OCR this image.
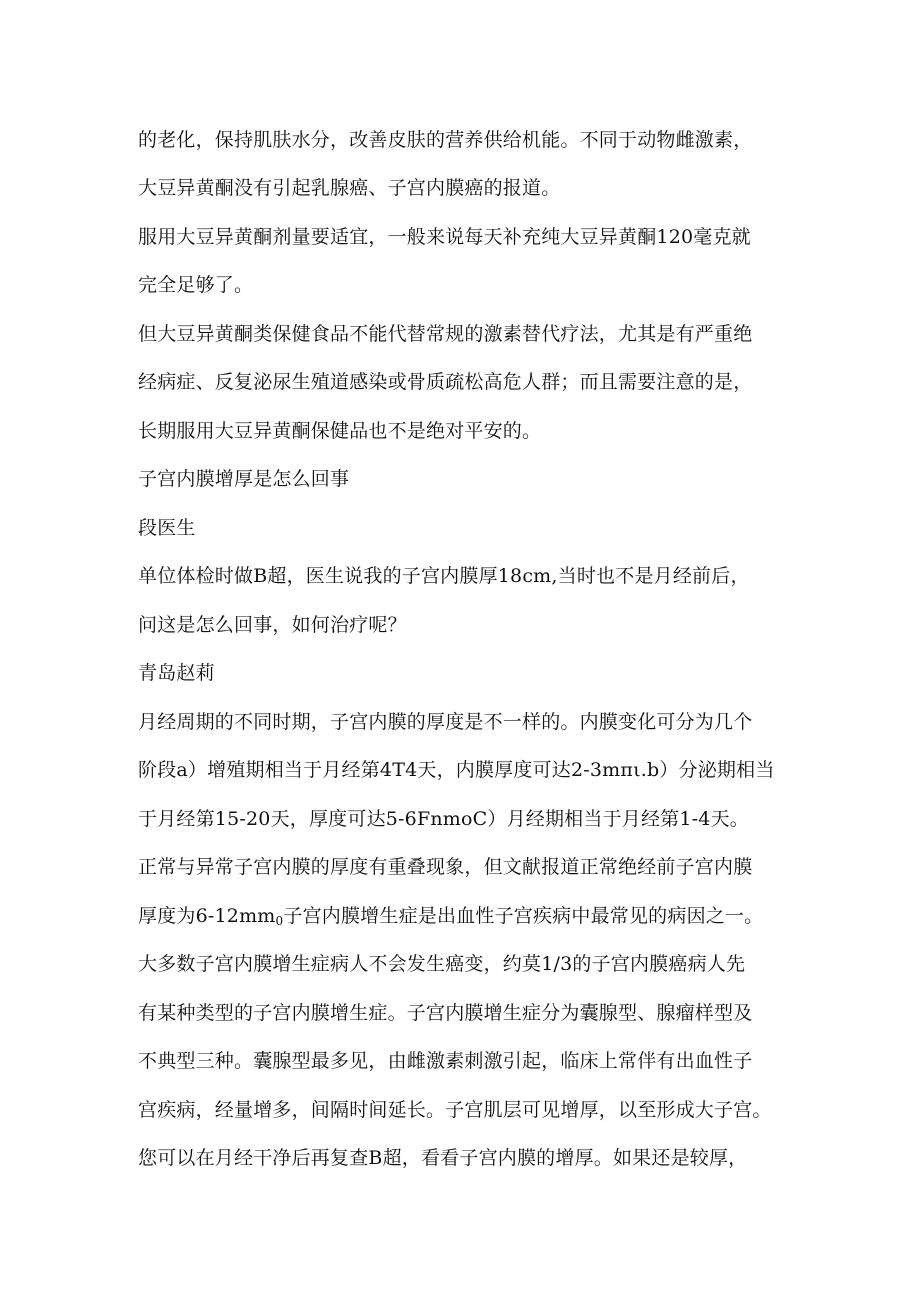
的老化，保持肌肤水分，改善皮肤的营养供给机能。不同于动物雌激素，

大豆异黄酮没有引起乳腺癌、子宫内膜癌的报道。

服用大豆异黄酮剂量要适宜，一般来说每天补充纯大豆异黄酮120毫克就

完全足够了。

但大豆异黄酮类保健食品不能代替常规的激素替代疗法，尤其是有严重绝

经病症、反复泌尿生殖道感染或骨质疏松高危人群；而且需要注意的是，

长期服用大豆异黄酮保健品也不是绝对平安的。

子宫内膜增厚是怎么回事

段医生

单位体检时做B超，医生说我的子宫内膜厚18cm,当时也不是月经前后，

问这是怎么回事，如何治疗呢？

青岛赵莉

月经周期的不同时期，子宫内膜的厚度是不一样的。内膜变化可分为几个

阶段a）增殖期相当于月经第4T4天，内膜厚度可达2-3mπι.b）分泌期相当

于月经第15-20天，厚度可达5-6FnmoC）月经期相当于月经第1-4天。

正常与异常子宫内膜的厚度有重叠现象，但文献报道正常绝经前子宫内膜

厚度为$6-12mm_0$子宫内膜增生症是出血性子宫疾病中最常见的病因之一。

大多数子宫内膜增生症病人不会发生癌变，约莫1/3的子宫内膜癌病人先

有某种类型的子宫内膜增生症。子宫内膜增生症分为囊腺型、腺瘤样型及

不典型三种。囊腺型最多见，由雌激素刺激引起，临床上常伴有出血性子

宫疾病，经量增多，间隔时间延长。子宫肌层可见增厚，以至形成大子宫。

您可以在月经干净后再复查B超，看看子宫内膜的增厚。如果还是较厚，
